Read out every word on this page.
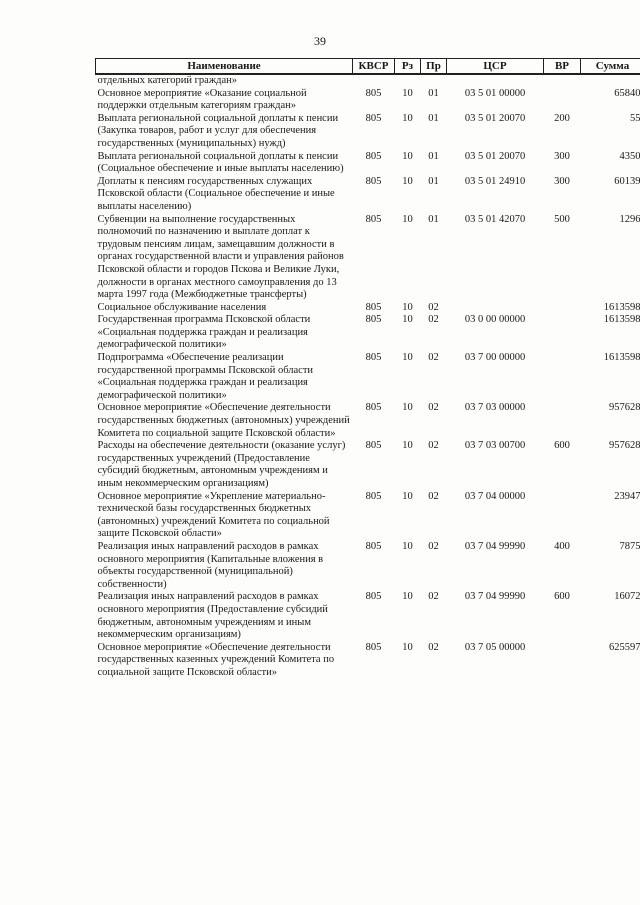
39
Наименование	КВСР	Рз	Пр	ЦСР	ВР	Сумма
отдельных категорий граждан»						
Основное мероприятие «Оказание социальной поддержки отдельным категориям граждан»	805	10	01	03 5 01 00000		65840
Выплата региональной социальной доплаты к пенсии (Закупка товаров, работ и услуг для обеспечения государственных (муниципальных) нужд)	805	10	01	03 5 01 20070	200	55
Выплата региональной социальной доплаты к пенсии (Социальное обеспечение и иные выплаты населению)	805	10	01	03 5 01 20070	300	4350
Доплаты к пенсиям государственных служащих Псковской области (Социальное обеспечение и иные выплаты населению)	805	10	01	03 5 01 24910	300	60139
Субвенции на выполнение государственных полномочий по назначению и выплате доплат к трудовым пенсиям лицам, замещавшим должности в органах государственной власти и управления районов Псковской области и городов Пскова и Великие Луки, должности в органах местного самоуправления до 13 марта 1997 года (Межбюджетные трансферты)	805	10	01	03 5 01 42070	500	1296
Социальное обслуживание населения	805	10	02			1613598
Государственная программа Псковской области «Социальная поддержка граждан и реализация демографической политики»	805	10	02	03 0 00 00000		1613598
Подпрограмма «Обеспечение реализации государственной программы Псковской области «Социальная поддержка граждан и реализация демографической политики»	805	10	02	03 7 00 00000		1613598
Основное мероприятие «Обеспечение деятельности государственных бюджетных (автономных) учреждений Комитета по социальной защите Псковской области»	805	10	02	03 7 03 00000		957628
Расходы на обеспечение деятельности (оказание услуг) государственных учреждений (Предоставление субсидий бюджетным, автономным учреждениям и иным некоммерческим организациям)	805	10	02	03 7 03 00700	600	957628
Основное мероприятие «Укрепление материально-технической базы государственных бюджетных (автономных) учреждений Комитета по социальной защите Псковской области»	805	10	02	03 7 04 00000		23947
Реализация иных направлений расходов в рамках основного мероприятия (Капитальные вложения в объекты государственной (муниципальной) собственности)	805	10	02	03 7 04 99990	400	7875
Реализация иных направлений расходов в рамках основного мероприятия (Предоставление субсидий бюджетным, автономным учреждениям и иным некоммерческим организациям)	805	10	02	03 7 04 99990	600	16072
Основное мероприятие «Обеспечение деятельности государственных казенных учреждений Комитета по социальной защите Псковской области»	805	10	02	03 7 05 00000		625597
